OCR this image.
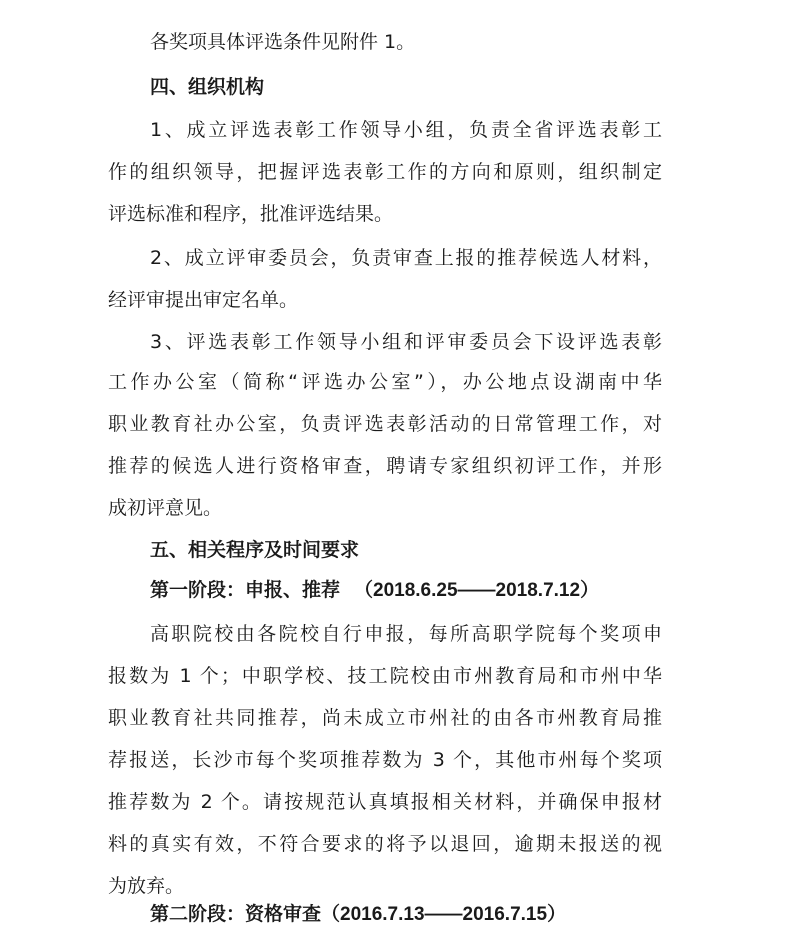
各奖项具体评选条件见附件 1。
四、组织机构
1、成立评选表彰工作领导小组，负责全省评选表彰工
作的组织领导，把握评选表彰工作的方向和原则，组织制定
评选标准和程序，批准评选结果。
2、成立评审委员会，负责审查上报的推荐候选人材料，
经评审提出审定名单。
3、评选表彰工作领导小组和评审委员会下设评选表彰
工作办公室（简称“评选办公室”），办公地点设湖南中华
职业教育社办公室，负责评选表彰活动的日常管理工作，对
推荐的候选人进行资格审查，聘请专家组织初评工作，并形
成初评意见。
五、相关程序及时间要求
第一阶段：申报、推荐 （2018.6.25——2018.7.12）
高职院校由各院校自行申报，每所高职学院每个奖项申
报数为 1 个；中职学校、技工院校由市州教育局和市州中华
职业教育社共同推荐，尚未成立市州社的由各市州教育局推
荐报送，长沙市每个奖项推荐数为 3 个，其他市州每个奖项
推荐数为 2 个。请按规范认真填报相关材料，并确保申报材
料的真实有效，不符合要求的将予以退回，逾期未报送的视
为放弃。
第二阶段：资格审查（2016.7.13——2016.7.15）
